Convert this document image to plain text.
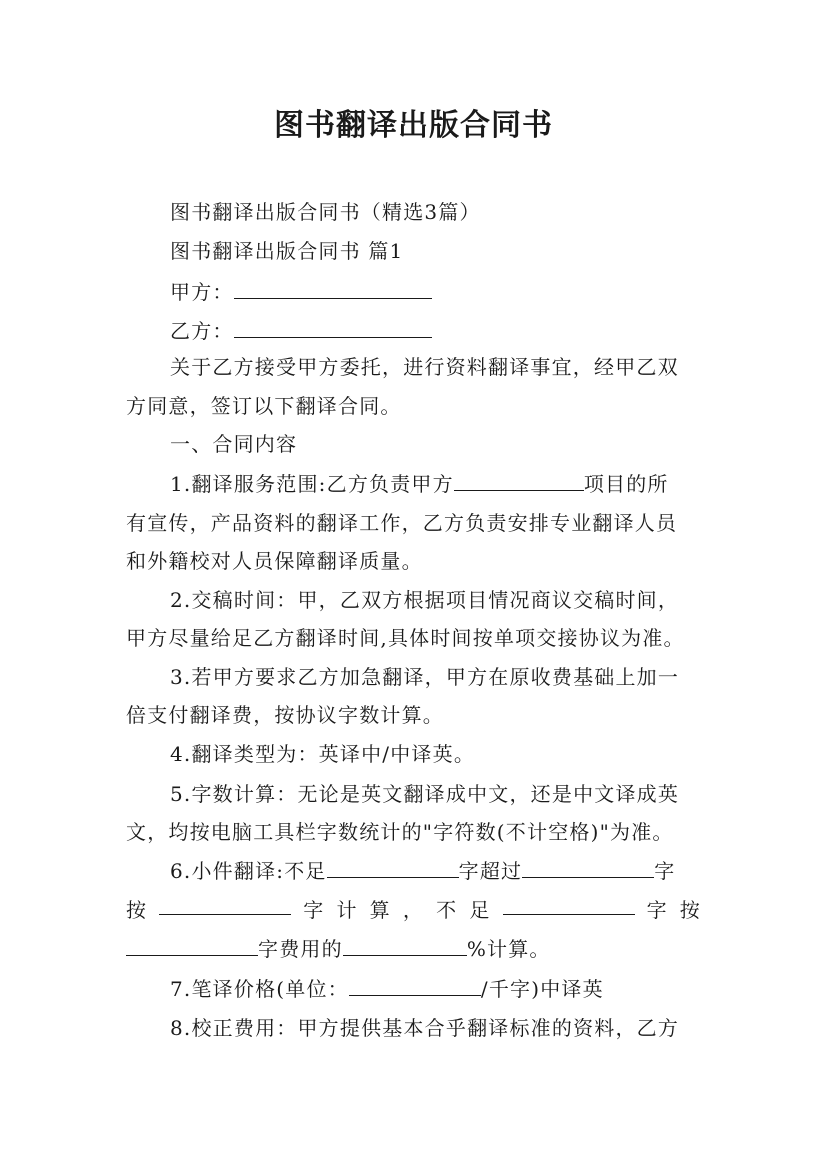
图书翻译出版合同书
图书翻译出版合同书（精选3篇）
图书翻译出版合同书 篇1
甲方：
乙方：
关于乙方接受甲方委托，进行资料翻译事宜，经甲乙双
方同意，签订以下翻译合同。
一、合同内容
1.翻译服务范围:乙方负责甲方	项目的所
有宣传，产品资料的翻译工作，乙方负责安排专业翻译人员
和外籍校对人员保障翻译质量。
2.交稿时间：甲，乙双方根据项目情况商议交稿时间，
甲方尽量给足乙方翻译时间,具体时间按单项交接协议为准。
3.若甲方要求乙方加急翻译，甲方在原收费基础上加一
倍支付翻译费，按协议字数计算。
4.翻译类型为：英译中/中译英。
5.字数计算：无论是英文翻译成中文，还是中文译成英
文，均按电脑工具栏字数统计的"字符数(不计空格)"为准。
6.小件翻译:不足	字超过	字
按	字 计 算 ， 不 足	字 按
字费用的	%计算。
7.笔译价格(单位：	/千字)中译英
8.校正费用：甲方提供基本合乎翻译标准的资料，乙方
